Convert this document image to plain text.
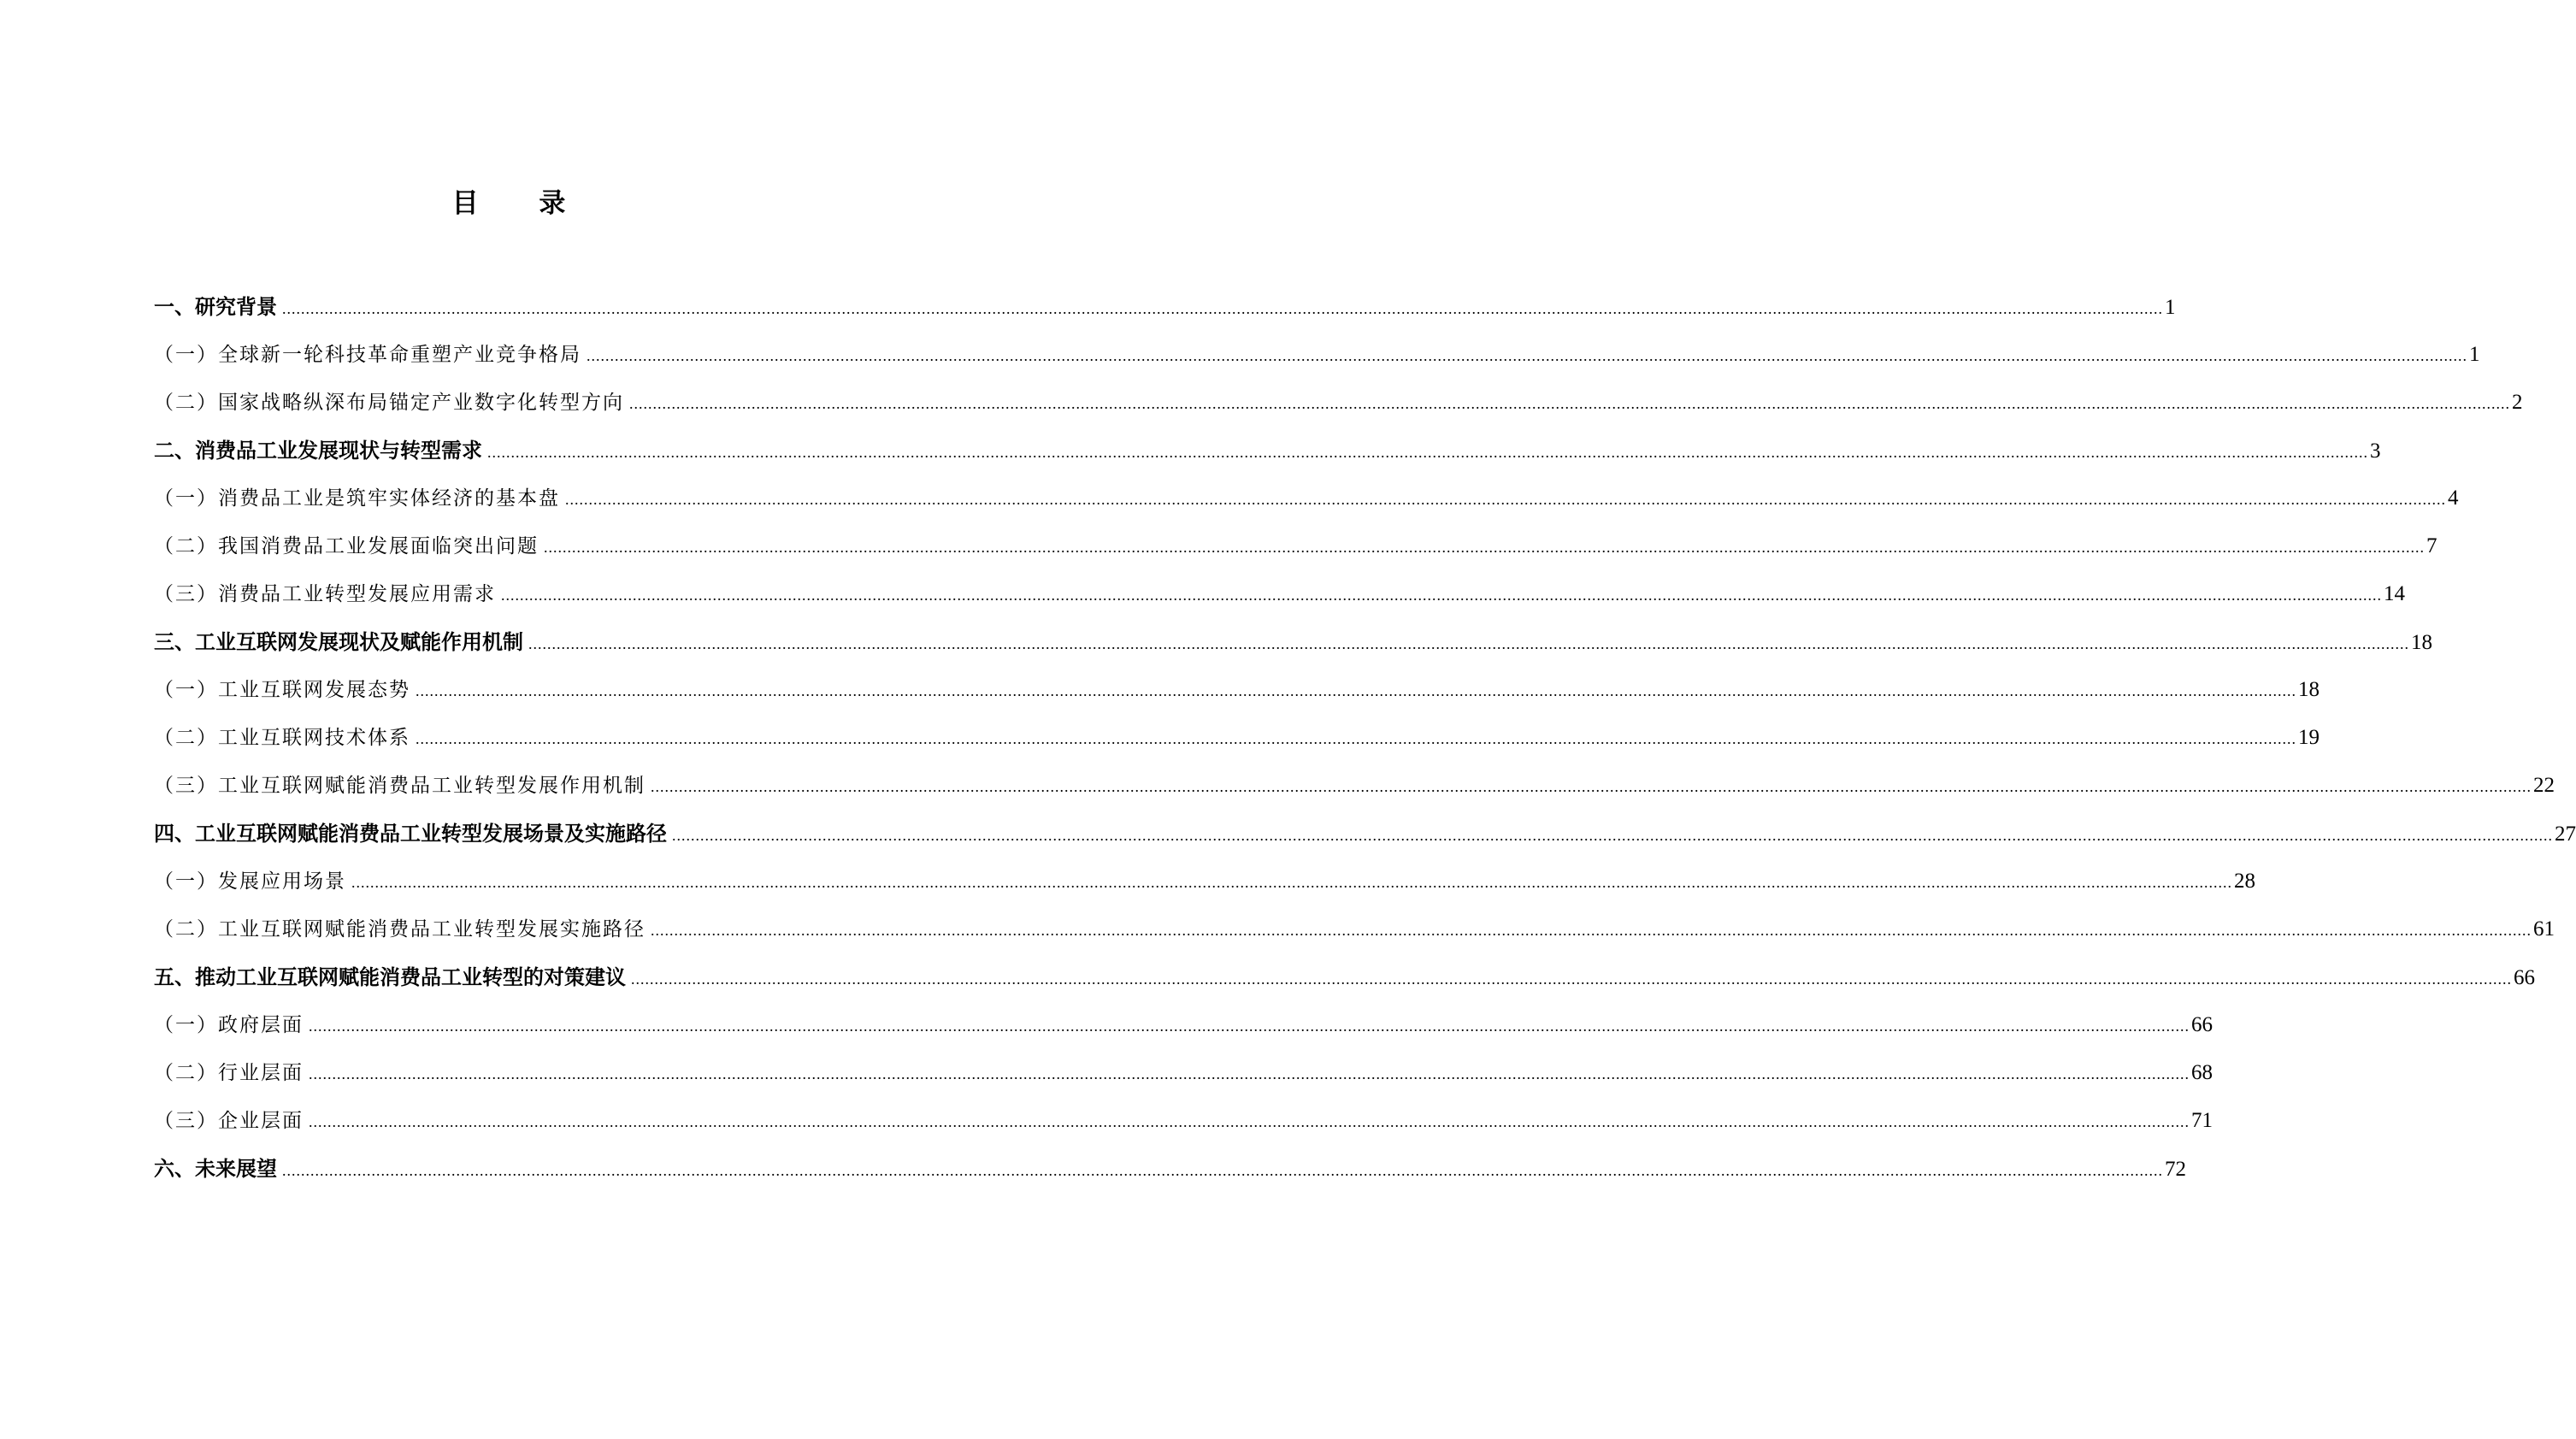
目 录
一、研究背景 ................................................................................................................................................................................................................................................................................................................................................................................................................ 1
（一）全球新一轮科技革命重塑产业竞争格局 ................................................................................................................................................................................................................................................................................................................................................................................................................ 1
（二）国家战略纵深布局锚定产业数字化转型方向 ................................................................................................................................................................................................................................................................................................................................................................................................................ 2
二、消费品工业发展现状与转型需求 ................................................................................................................................................................................................................................................................................................................................................................................................................ 3
（一）消费品工业是筑牢实体经济的基本盘 ................................................................................................................................................................................................................................................................................................................................................................................................................ 4
（二）我国消费品工业发展面临突出问题 ................................................................................................................................................................................................................................................................................................................................................................................................................ 7
（三）消费品工业转型发展应用需求 ................................................................................................................................................................................................................................................................................................................................................................................................................ 14
三、工业互联网发展现状及赋能作用机制 ................................................................................................................................................................................................................................................................................................................................................................................................................ 18
（一）工业互联网发展态势 ................................................................................................................................................................................................................................................................................................................................................................................................................ 18
（二）工业互联网技术体系 ................................................................................................................................................................................................................................................................................................................................................................................................................ 19
（三）工业互联网赋能消费品工业转型发展作用机制 ................................................................................................................................................................................................................................................................................................................................................................................................................ 22
四、工业互联网赋能消费品工业转型发展场景及实施路径 ................................................................................................................................................................................................................................................................................................................................................................................................................ 27
（一）发展应用场景 ................................................................................................................................................................................................................................................................................................................................................................................................................ 28
（二）工业互联网赋能消费品工业转型发展实施路径 ................................................................................................................................................................................................................................................................................................................................................................................................................ 61
五、推动工业互联网赋能消费品工业转型的对策建议 ................................................................................................................................................................................................................................................................................................................................................................................................................ 66
（一）政府层面 ................................................................................................................................................................................................................................................................................................................................................................................................................ 66
（二）行业层面 ................................................................................................................................................................................................................................................................................................................................................................................................................ 68
（三）企业层面 ................................................................................................................................................................................................................................................................................................................................................................................................................ 71
六、未来展望 ................................................................................................................................................................................................................................................................................................................................................................................................................ 72
